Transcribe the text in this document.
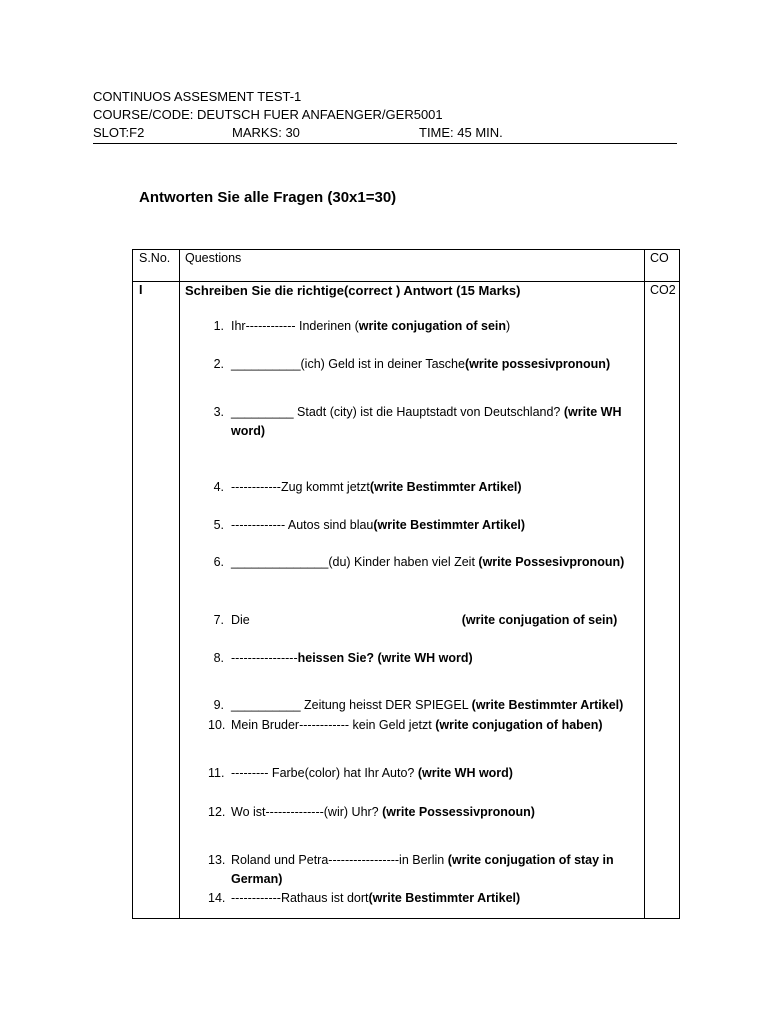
CONTINUOS ASSESMENT TEST-1
COURSE/CODE: DEUTSCH FUER ANFAENGER/GER5001
SLOT:F2	MARKS: 30	TIME: 45 MIN.
Antworten Sie alle Fragen (30x1=30)
S.No. Questions	CO
I	Schreiben Sie die richtige(correct ) Antwort (15 Marks)	CO2
1. Ihr------------ Inderinen (write conjugation of sein)
2. __________(ich) Geld ist in deiner Tasche(write possesivpronoun)
3. _________ Stadt (city) ist die Hauptstadt von Deutschland? (write WH word)
4. ------------Zug kommt jetzt(write Bestimmter Artikel)
5. ------------- Autos sind blau(write Bestimmter Artikel)
6. ______________(du) Kinder haben viel Zeit (write Possesivpronoun)
7. Die	(write conjugation of sein)
8. ----------------heissen Sie? (write WH word)
9. __________ Zeitung heisst DER SPIEGEL (write Bestimmter Artikel)
10. Mein Bruder------------ kein Geld jetzt (write conjugation of haben)
11. --------- Farbe(color) hat Ihr Auto? (write WH word)
12. Wo ist--------------(wir) Uhr? (write Possessivpronoun)
13. Roland und Petra-----------------in Berlin (write conjugation of stay in German)
14. ------------Rathaus ist dort(write Bestimmter Artikel)
